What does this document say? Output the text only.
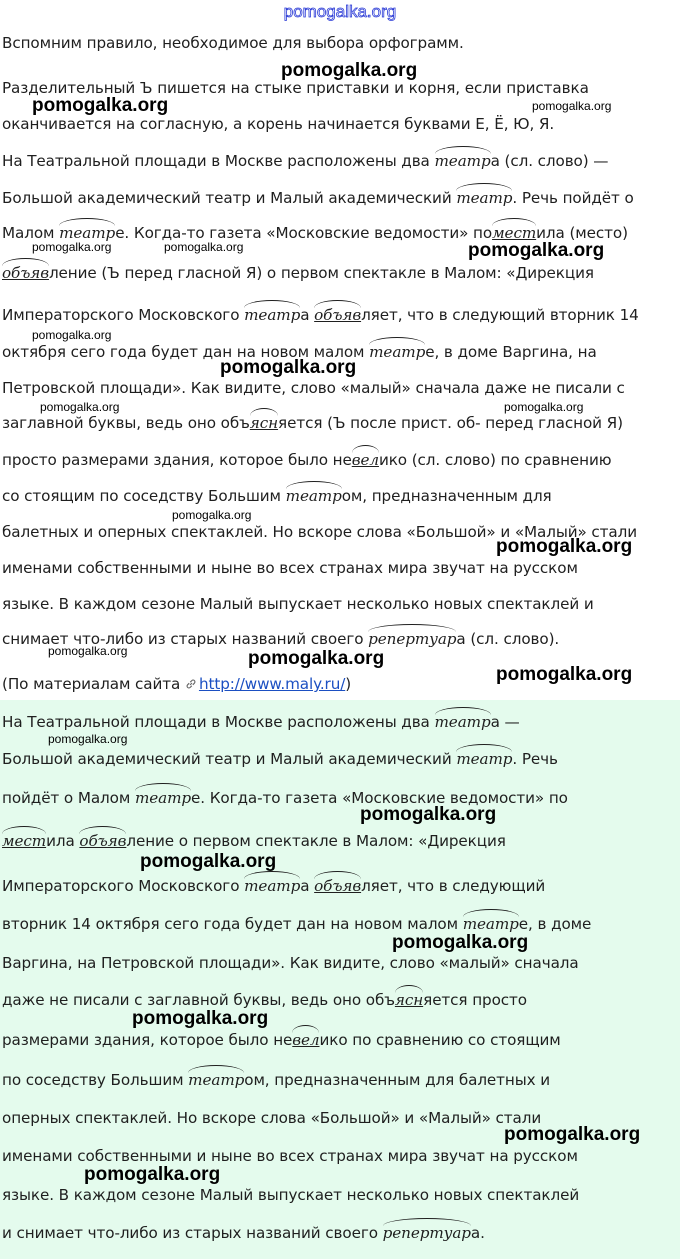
pomogalka.org
Вспомним правило, необходимое для выбора орфограмм.
Разделительный Ъ пишется на стыке приставки и корня, если приставка
оканчивается на согласную, а корень начинается буквами Е, Ё, Ю, Я.
На Театральной площади в Москве расположены два театра (сл. слово) —
Большой академический театр и Малый академический театр. Речь пойдёт о
Малом театре. Когда-то газета «Московские ведомости» поместила (место)
объявление (Ъ перед гласной Я) о первом спектакле в Малом: «Дирекция
Императорского Московского театра объявляет, что в следующий вторник 14
октября сего года будет дан на новом малом театре, в доме Варгина, на
Петровской площади». Как видите, слово «малый» сначала даже не писали с
заглавной буквы, ведь оно объясняется (Ъ после прист. об- перед гласной Я)
просто размерами здания, которое было невелико (сл. слово) по сравнению
со стоящим по соседству Большим театром, предназначенным для
балетных и оперных спектаклей. Но вскоре слова «Большой» и «Малый» стали
именами собственными и ныне во всех странах мира звучат на русском
языке. В каждом сезоне Малый выпускает несколько новых спектаклей и
снимает что-либо из старых названий своего репертуара (сл. слово).
(По материалам сайта http://www.maly.ru/)
На Театральной площади в Москве расположены два театра —
Большой академический театр и Малый академический театр. Речь
пойдёт о Малом театре. Когда-то газета «Московские ведомости» по
местила объявление о первом спектакле в Малом: «Дирекция
Императорского Московского театра объявляет, что в следующий
вторник 14 октября сего года будет дан на новом малом театре, в доме
Варгина, на Петровской площади». Как видите, слово «малый» сначала
даже не писали с заглавной буквы, ведь оно объясняется просто
размерами здания, которое было невелико по сравнению со стоящим
по соседству Большим театром, предназначенным для балетных и
оперных спектаклей. Но вскоре слова «Большой» и «Малый» стали
именами собственными и ныне во всех странах мира звучат на русском
языке. В каждом сезоне Малый выпускает несколько новых спектаклей
и снимает что-либо из старых названий своего репертуара.
pomogalka.org
pomogalka.org	pomogalka.org
pomogalka.org	pomogalka.org	pomogalka.org
pomogalka.org
pomogalka.org
pomogalka.org	pomogalka.org
pomogalka.org
pomogalka.org
pomogalka.org	pomogalka.org
pomogalka.org
pomogalka.org
pomogalka.org
pomogalka.org
pomogalka.org
pomogalka.org
pomogalka.org
pomogalka.org
